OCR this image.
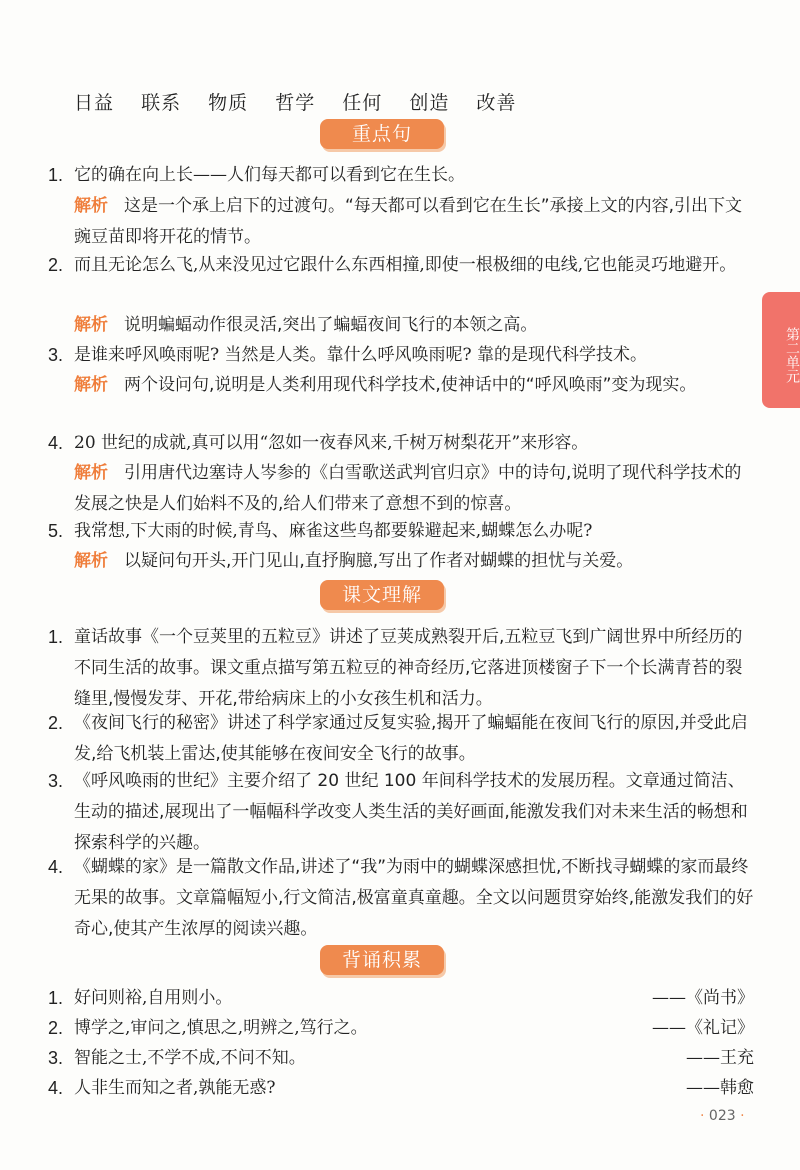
日益 联系 物质 哲学 任何 创造 改善
重点句
1. 它的确在向上长——人们每天都可以看到它在生长。
解析 这是一个承上启下的过渡句。“每天都可以看到它在生长”承接上文的内容,引出下文豌豆苗即将开花的情节。
2. 而且无论怎么飞,从来没见过它跟什么东西相撞,即使一根极细的电线,它也能灵巧地避开。
解析 说明蝙蝠动作很灵活,突出了蝙蝠夜间飞行的本领之高。
3. 是谁来呼风唤雨呢? 当然是人类。靠什么呼风唤雨呢? 靠的是现代科学技术。
解析 两个设问句,说明是人类利用现代科学技术,使神话中的“呼风唤雨”变为现实。
4. 20 世纪的成就,真可以用“忽如一夜春风来,千树万树梨花开”来形容。
解析 引用唐代边塞诗人岑参的《白雪歌送武判官归京》中的诗句,说明了现代科学技术的发展之快是人们始料不及的,给人们带来了意想不到的惊喜。
5. 我常想,下大雨的时候,青鸟、麻雀这些鸟都要躲避起来,蝴蝶怎么办呢?
解析 以疑问句开头,开门见山,直抒胸臆,写出了作者对蝴蝶的担忧与关爱。
课文理解
1. 童话故事《一个豆荚里的五粒豆》讲述了豆荚成熟裂开后,五粒豆飞到广阔世界中所经历的不同生活的故事。课文重点描写第五粒豆的神奇经历,它落进顶楼窗子下一个长满青苔的裂缝里,慢慢发芽、开花,带给病床上的小女孩生机和活力。
2. 《夜间飞行的秘密》讲述了科学家通过反复实验,揭开了蝙蝠能在夜间飞行的原因,并受此启发,给飞机装上雷达,使其能够在夜间安全飞行的故事。
3. 《呼风唤雨的世纪》主要介绍了 20 世纪 100 年间科学技术的发展历程。文章通过简洁、生动的描述,展现出了一幅幅科学改变人类生活的美好画面,能激发我们对未来生活的畅想和探索科学的兴趣。
4. 《蝴蝶的家》是一篇散文作品,讲述了“我”为雨中的蝴蝶深感担忧,不断找寻蝴蝶的家而最终无果的故事。文章篇幅短小,行文简洁,极富童真童趣。全文以问题贯穿始终,能激发我们的好奇心,使其产生浓厚的阅读兴趣。
背诵积累
1. 好问则裕,自用则小。	——《尚书》
2. 博学之,审问之,慎思之,明辨之,笃行之。	——《礼记》
3. 智能之士,不学不成,不问不知。	——王充
4. 人非生而知之者,孰能无惑?	——韩愈
第二单元
· 023 ·
